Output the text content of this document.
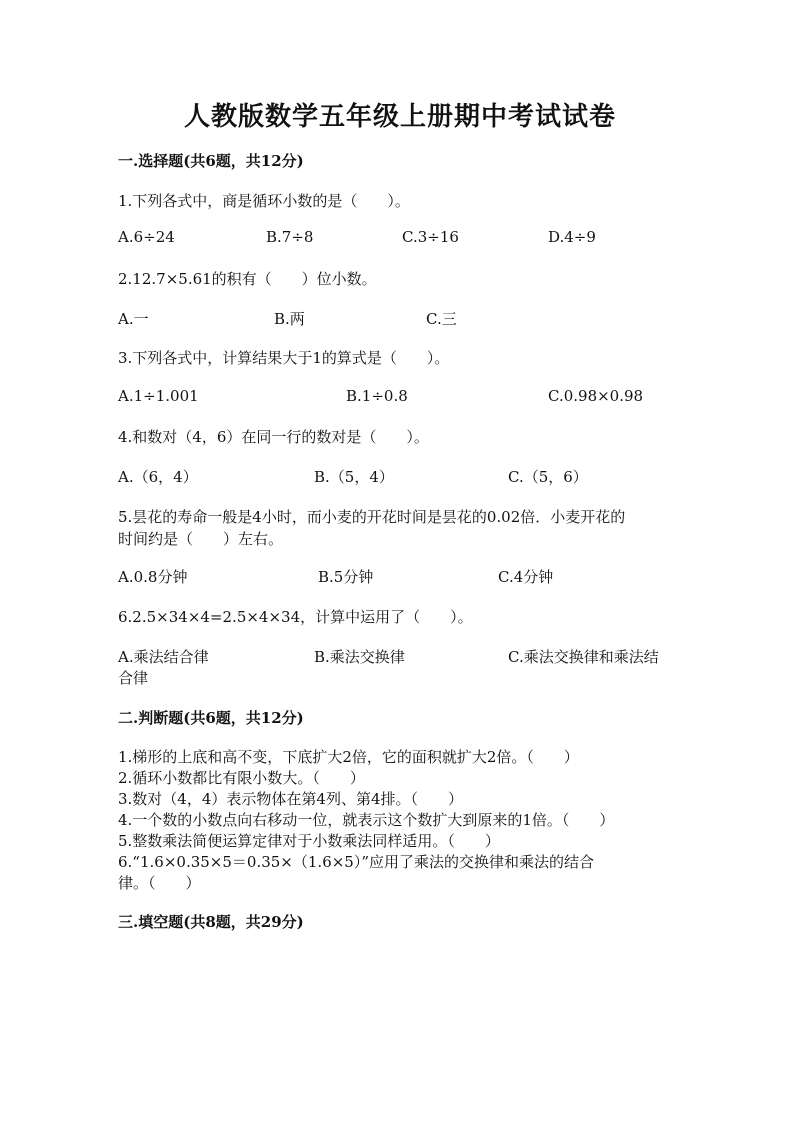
人教版数学五年级上册期中考试试卷
一.选择题(共6题，共12分)
1.下列各式中，商是循环小数的是（　　）。
A.6÷24	B.7÷8	C.3÷16	D.4÷9
2.12.7×5.61的积有（　　）位小数。
A.一	B.两	C.三
3.下列各式中，计算结果大于1的算式是（　　）。
A.1÷1.001	B.1÷0.8	C.0.98×0.98
4.和数对（4，6）在同一行的数对是（　　）。
A.（6，4）	B.（5，4）	C.（5，6）
5.昙花的寿命一般是4小时，而小麦的开花时间是昙花的0.02倍．小麦开花的
时间约是（　　）左右。
A.0.8分钟	B.5分钟	C.4分钟
6.2.5×34×4=2.5×4×34，计算中运用了（　　）。
A.乘法结合律	B.乘法交换律	C.乘法交换律和乘法结
合律
二.判断题(共6题，共12分)
1.梯形的上底和高不变，下底扩大2倍，它的面积就扩大2倍。（　　）
2.循环小数都比有限小数大。（　　）
3.数对（4，4）表示物体在第4列、第4排。（　　）
4.一个数的小数点向右移动一位，就表示这个数扩大到原来的1倍。（　　）
5.整数乘法简便运算定律对于小数乘法同样适用。（　　）
6.“1.6×0.35×5＝0.35×（1.6×5）”应用了乘法的交换律和乘法的结合
律。（　　）
三.填空题(共8题，共29分)
